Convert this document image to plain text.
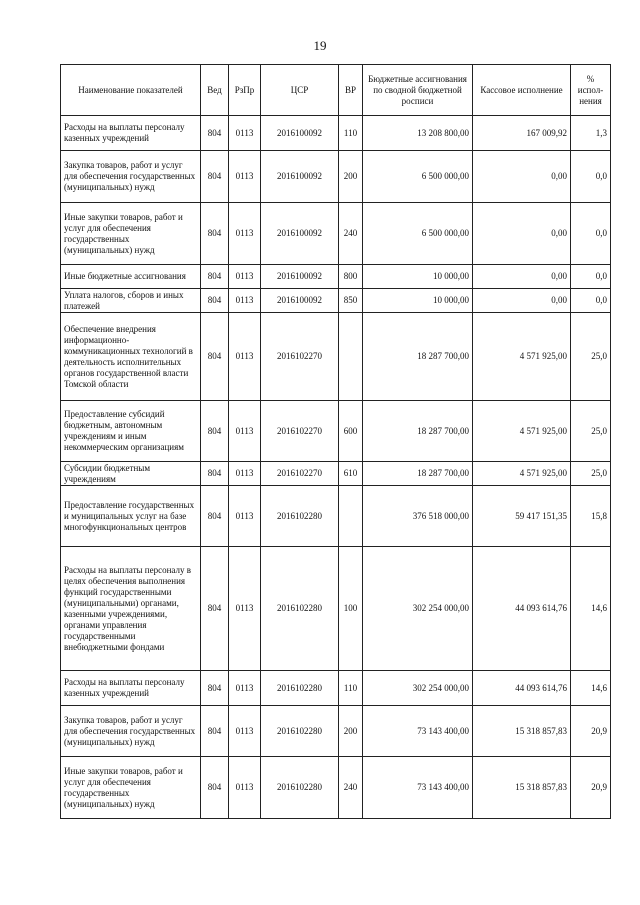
19
Наименование показателей	Вед	РзПр	ЦСР	ВР	Бюджетные ассигнования по сводной бюджетной росписи	Кассовое исполнение	% испол- нения
Расходы на выплаты персоналу казенных учреждений	804	0113	2016100092	110	13 208 800,00	167 009,92	1,3
Закупка товаров, работ и услуг для обеспечения государственных (муниципальных) нужд	804	0113	2016100092	200	6 500 000,00	0,00	0,0
Иные закупки товаров, работ и услуг для обеспечения государственных (муниципальных) нужд	804	0113	2016100092	240	6 500 000,00	0,00	0,0
Иные бюджетные ассигнования	804	0113	2016100092	800	10 000,00	0,00	0,0
Уплата налогов, сборов и иных платежей	804	0113	2016100092	850	10 000,00	0,00	0,0
Обеспечение внедрения информационно-коммуникационных технологий в деятельность исполнительных органов государственной власти Томской области	804	0113	2016102270		18 287 700,00	4 571 925,00	25,0
Предоставление субсидий бюджетным, автономным учреждениям и иным некоммерческим организациям	804	0113	2016102270	600	18 287 700,00	4 571 925,00	25,0
Субсидии бюджетным учреждениям	804	0113	2016102270	610	18 287 700,00	4 571 925,00	25,0
Предоставление государственных и муниципальных услуг на базе многофункциональных центров	804	0113	2016102280		376 518 000,00	59 417 151,35	15,8
Расходы на выплаты персоналу в целях обеспечения выполнения функций государственными (муниципальными) органами, казенными учреждениями, органами управления государственными внебюджетными фондами	804	0113	2016102280	100	302 254 000,00	44 093 614,76	14,6
Расходы на выплаты персоналу казенных учреждений	804	0113	2016102280	110	302 254 000,00	44 093 614,76	14,6
Закупка товаров, работ и услуг для обеспечения государственных (муниципальных) нужд	804	0113	2016102280	200	73 143 400,00	15 318 857,83	20,9
Иные закупки товаров, работ и услуг для обеспечения государственных (муниципальных) нужд	804	0113	2016102280	240	73 143 400,00	15 318 857,83	20,9
